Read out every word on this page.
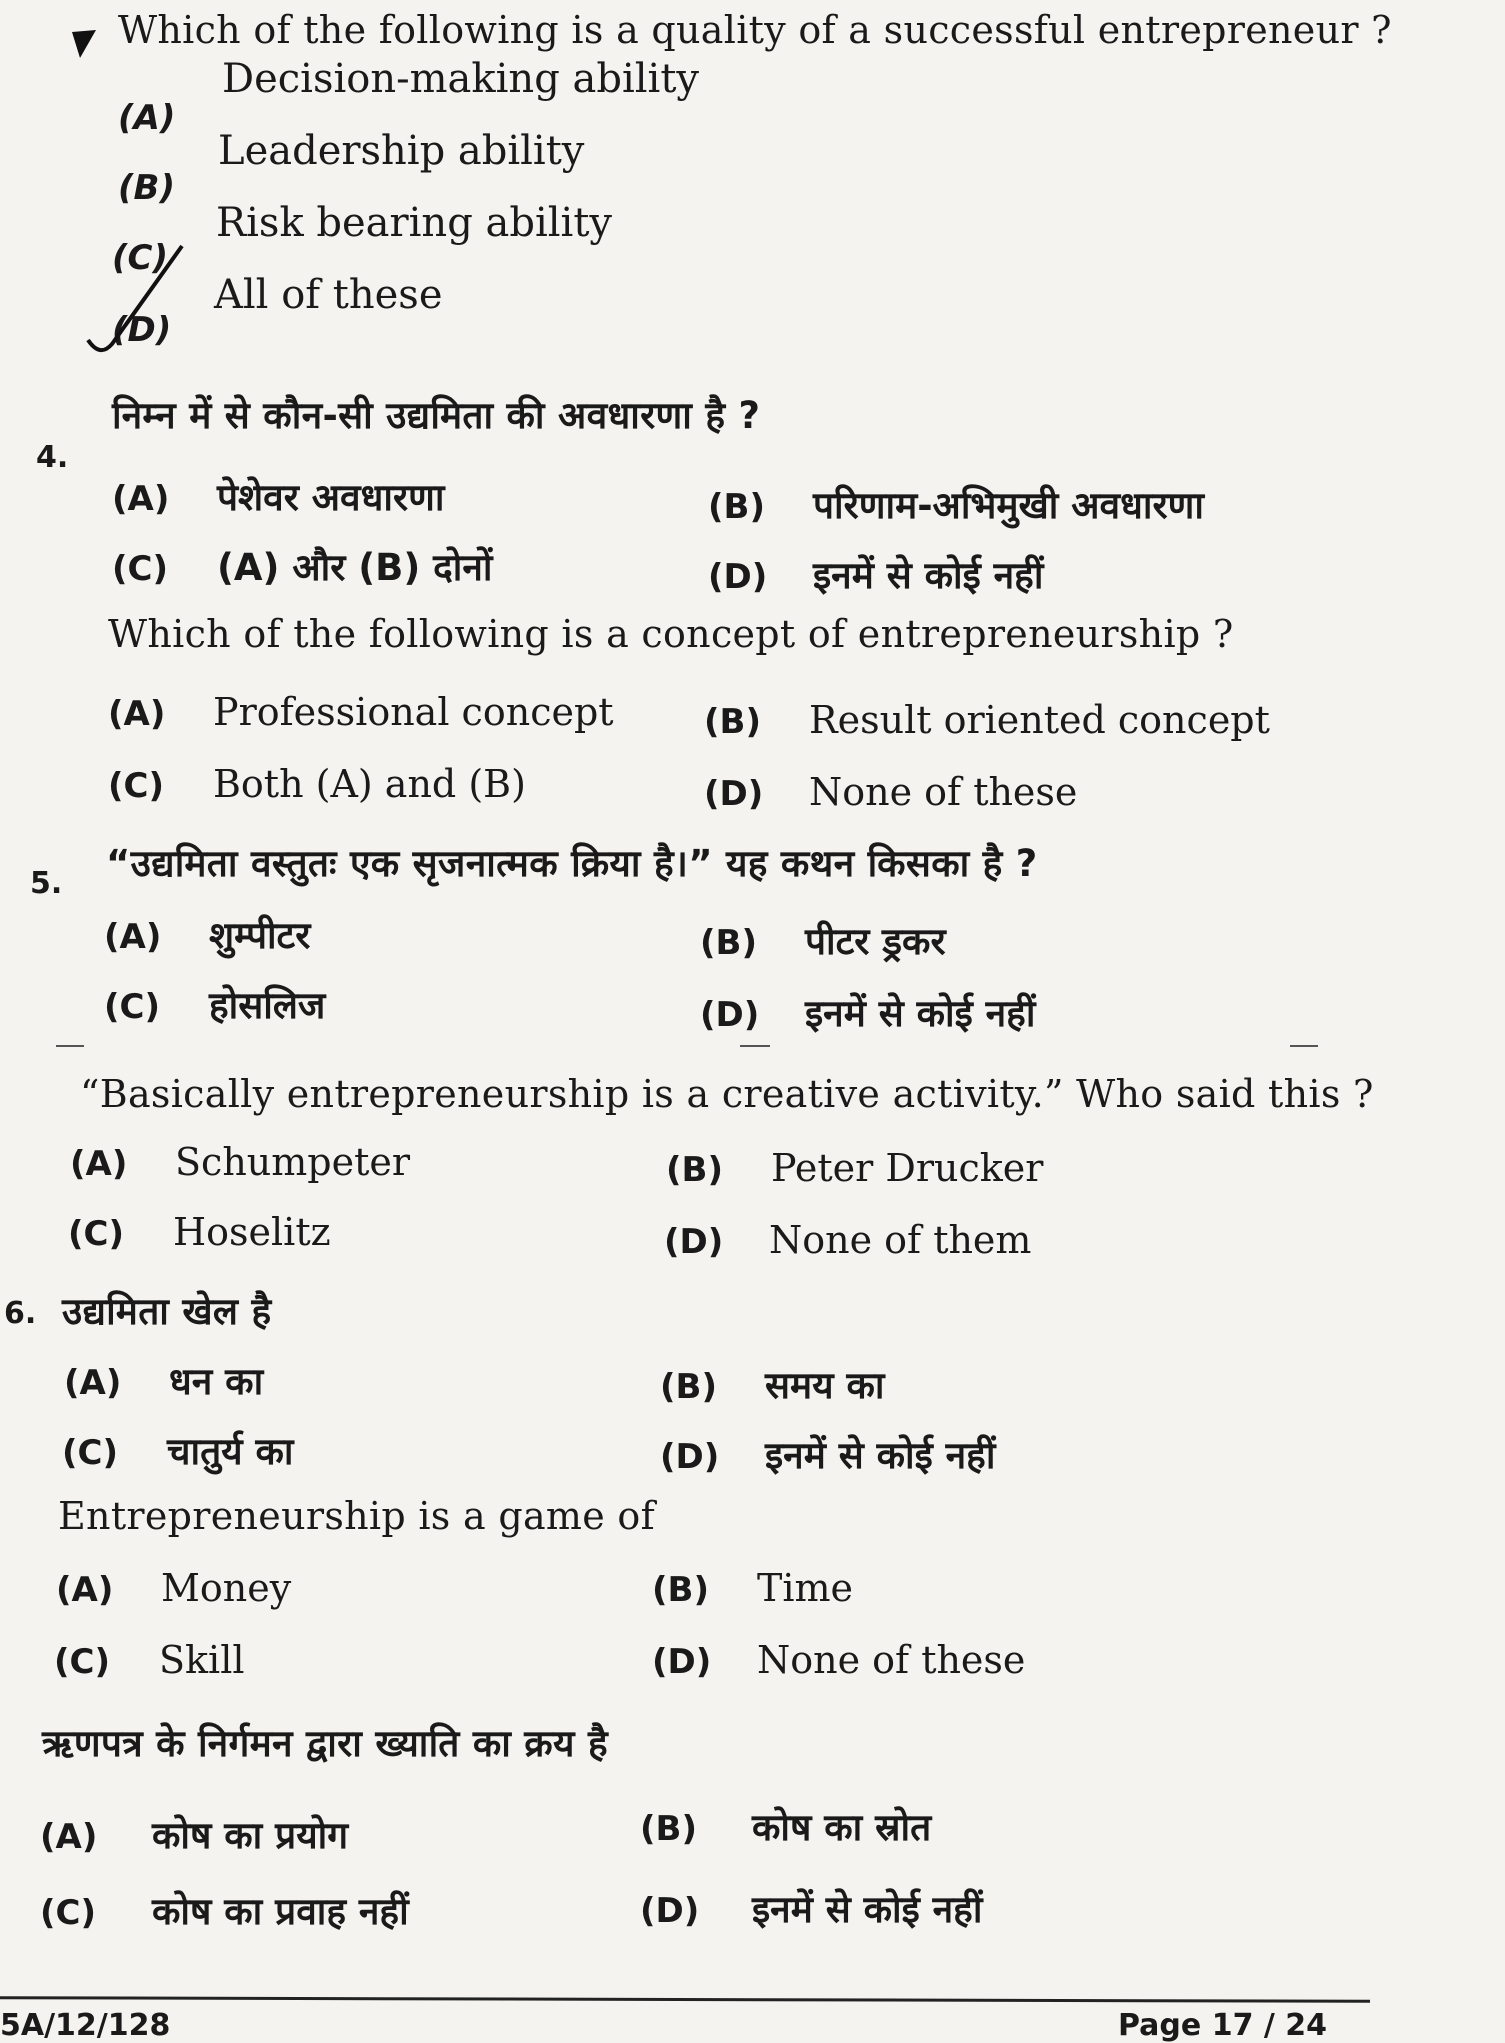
Which of the following is a quality of a successful entrepreneur ?
(A)
Decision-making ability
(B)
Leadership ability
(C)
Risk bearing ability
(D)
All of these
4.
निम्न में से कौन-सी उद्यमिता की अवधारणा है ?
(A) पेशेवर अवधारणा	(B) परिणाम-अभिमुखी अवधारणा
(C) (A) और (B) दोनों	(D) इनमें से कोई नहीं
Which of the following is a concept of entrepreneurship ?
(A) Professional concept	(B) Result oriented concept
(C) Both (A) and (B)	(D) None of these
5. “उद्यमिता वस्तुतः एक सृजनात्मक क्रिया है।” यह कथन किसका है ?
(A) शुम्पीटर	(B) पीटर ड्रकर
(C) होसलिज	(D) इनमें से कोई नहीं
“Basically entrepreneurship is a creative activity.” Who said this ?
(A) Schumpeter	(B) Peter Drucker
(C) Hoselitz	(D) None of them
6. उद्यमिता खेल है
(A) धन का	(B) समय का
(C) चातुर्य का	(D) इनमें से कोई नहीं
Entrepreneurship is a game of
(A) Money	(B) Time
(C) Skill	(D) None of these
ऋणपत्र के निर्गमन द्वारा ख्याति का क्रय है
(A) कोष का प्रयोग	(B) कोष का स्रोत
(C) कोष का प्रवाह नहीं	(D) इनमें से कोई नहीं
5A/12/128	Page 17 / 24
